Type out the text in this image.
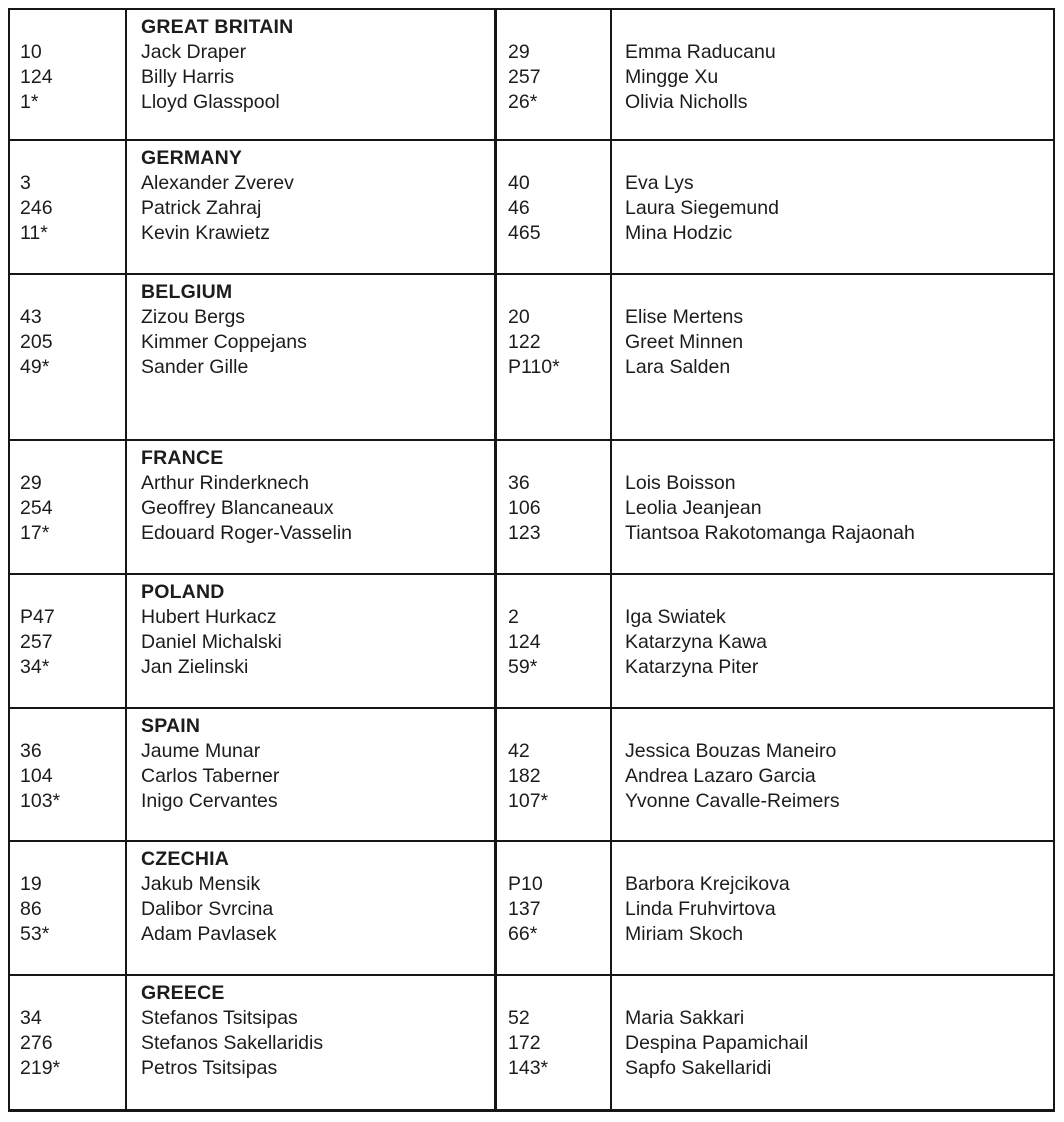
10
124
1*
GREAT BRITAIN
Jack Draper
Billy Harris
Lloyd Glasspool
29
257
26*
Emma Raducanu
Mingge Xu
Olivia Nicholls
3
246
11*
GERMANY
Alexander Zverev
Patrick Zahraj
Kevin Krawietz
40
46
465
Eva Lys
Laura Siegemund
Mina Hodzic
43
205
49*
BELGIUM
Zizou Bergs
Kimmer Coppejans
Sander Gille
20
122
P110*
Elise Mertens
Greet Minnen
Lara Salden
29
254
17*
FRANCE
Arthur Rinderknech
Geoffrey Blancaneaux
Edouard Roger-Vasselin
36
106
123
Lois Boisson
Leolia Jeanjean
Tiantsoa Rakotomanga Rajaonah
P47
257
34*
POLAND
Hubert Hurkacz
Daniel Michalski
Jan Zielinski
2
124
59*
Iga Swiatek
Katarzyna Kawa
Katarzyna Piter
36
104
103*
SPAIN
Jaume Munar
Carlos Taberner
Inigo Cervantes
42
182
107*
Jessica Bouzas Maneiro
Andrea Lazaro Garcia
Yvonne Cavalle-Reimers
19
86
53*
CZECHIA
Jakub Mensik
Dalibor Svrcina
Adam Pavlasek
P10
137
66*
Barbora Krejcikova
Linda Fruhvirtova
Miriam Skoch
34
276
219*
GREECE
Stefanos Tsitsipas
Stefanos Sakellaridis
Petros Tsitsipas
52
172
143*
Maria Sakkari
Despina Papamichail
Sapfo Sakellaridi
